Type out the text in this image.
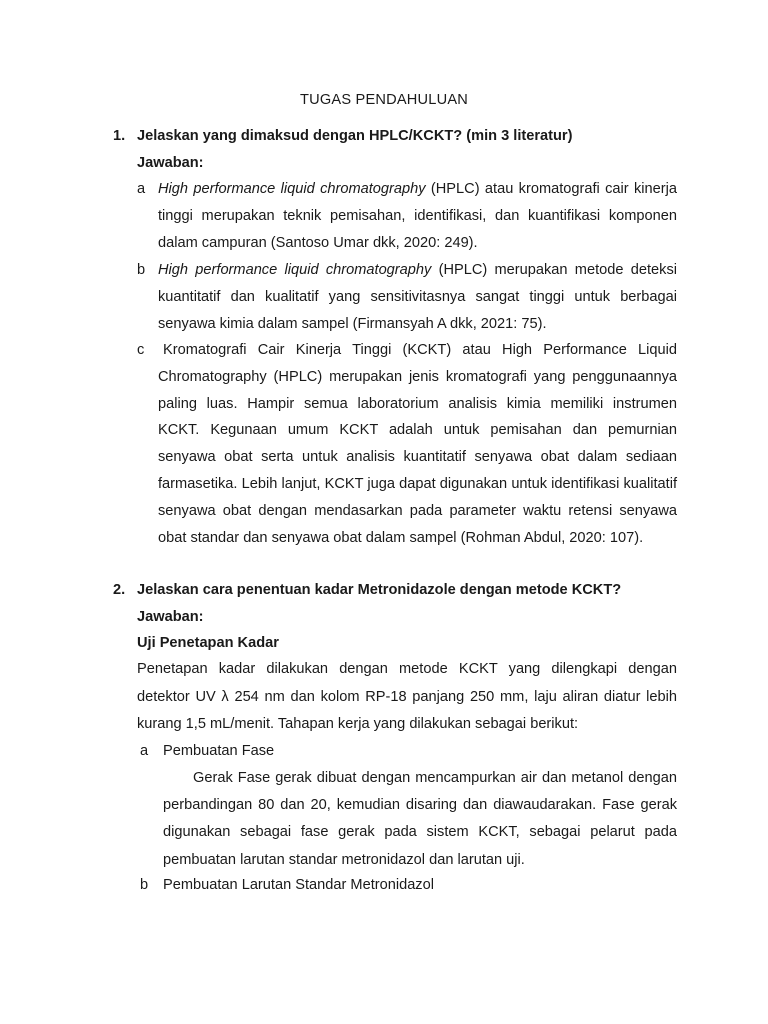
TUGAS PENDAHULUAN
1. Jelaskan yang dimaksud dengan HPLC/KCKT? (min 3 literatur)
Jawaban:
a High performance liquid chromatography (HPLC) atau kromatografi cair kinerja tinggi merupakan teknik pemisahan, identifikasi, dan kuantifikasi komponen dalam campuran (Santoso Umar dkk, 2020: 249).
b High performance liquid chromatography (HPLC) merupakan metode deteksi kuantitatif dan kualitatif yang sensitivitasnya sangat tinggi untuk berbagai senyawa kimia dalam sampel (Firmansyah A dkk, 2021: 75).
c	Kromatografi Cair Kinerja Tinggi (KCKT) atau High Performance Liquid Chromatography (HPLC) merupakan jenis kromatografi yang penggunaannya paling luas. Hampir semua laboratorium analisis kimia memiliki instrumen KCKT. Kegunaan umum KCKT adalah untuk pemisahan dan pemurnian senyawa obat serta untuk analisis kuantitatif senyawa obat dalam sediaan farmasetika. Lebih lanjut, KCKT juga dapat digunakan untuk identifikasi kualitatif senyawa obat dengan mendasarkan pada parameter waktu retensi senyawa obat standar dan senyawa obat dalam sampel (Rohman Abdul, 2020: 107).
2. Jelaskan cara penentuan kadar Metronidazole dengan metode KCKT?
Jawaban:
Uji Penetapan Kadar
Penetapan kadar dilakukan dengan metode KCKT yang dilengkapi dengan detektor UV λ 254 nm dan kolom RP-18 panjang 250 mm, laju aliran diatur lebih kurang 1,5 mL/menit. Tahapan kerja yang dilakukan sebagai berikut:
a Pembuatan Fase
Gerak Fase gerak dibuat dengan mencampurkan air dan metanol dengan perbandingan 80 dan 20, kemudian disaring dan diawaudarakan. Fase gerak digunakan sebagai fase gerak pada sistem KCKT, sebagai pelarut pada pembuatan larutan standar metronidazol dan larutan uji.
b Pembuatan Larutan Standar Metronidazol
